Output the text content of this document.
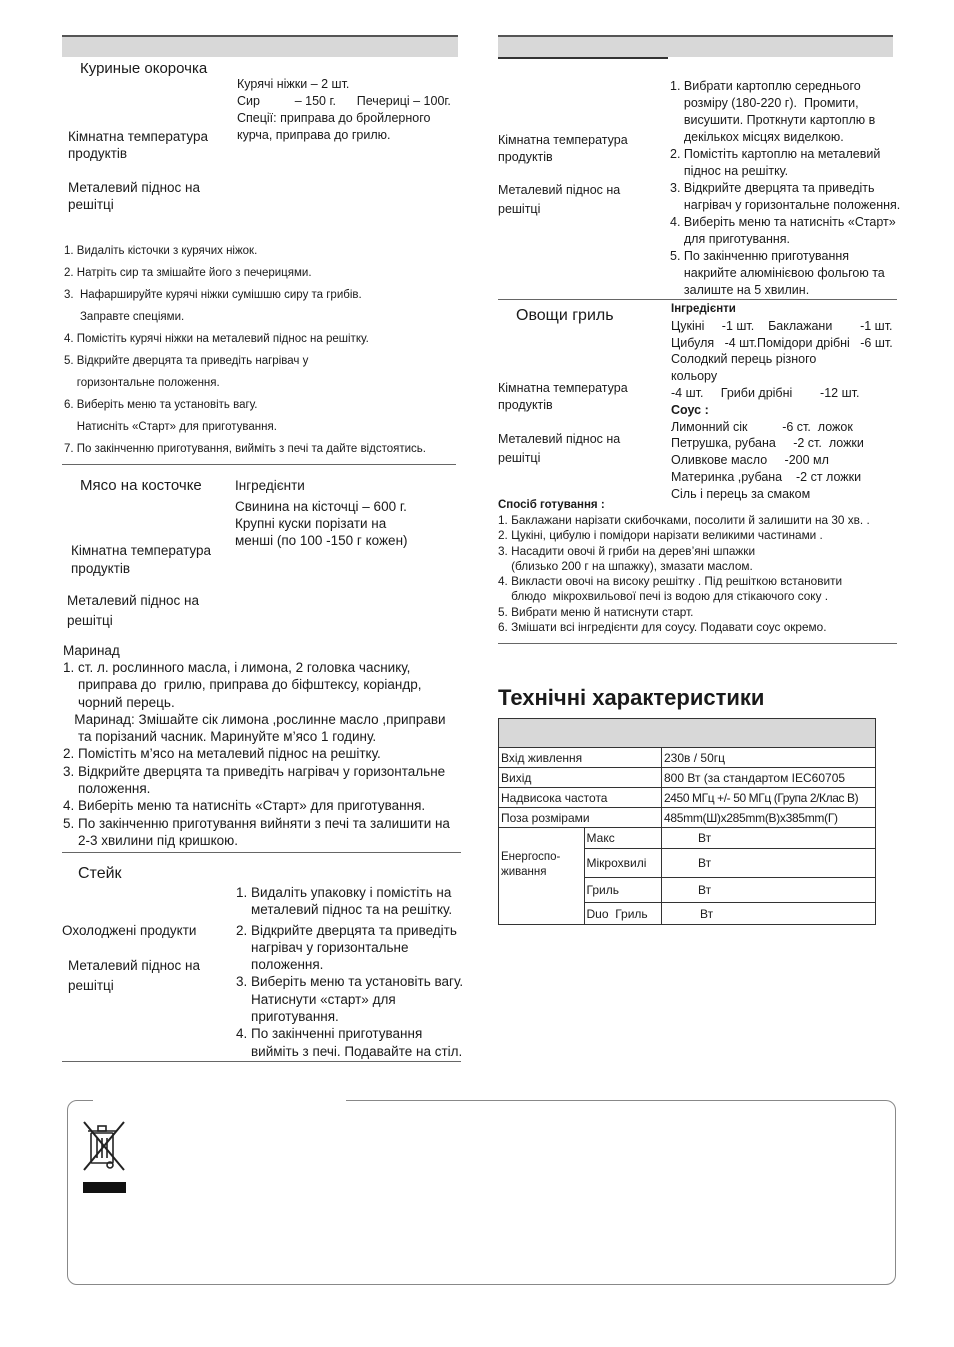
Куриные окорочка
Курячі ніжки – 2 шт.
Сир          – 150 г.      Печериці – 100г.
Спеції: приправа до бройлерного
курча, приправа до грилю.
Кімнатна температура
продуктів
Металевий піднос на
решітці
1. Видаліть кісточки з курячих ніжок.
2. Натріть сир та змішайте його з печерицями.
3.  Нафаршируйте курячі ніжки сумішшю сиру та грибів.
Заправте спеціями.
4. Помістіть курячі ніжки на металевий піднос на решітку.
5. Відкрийте дверцята та приведіть нагрівач у
горизонтальне положення.
6. Виберіть меню та установіть вагу.
Натисніть «Старт» для приготування.
7. По закінченню приготування, вийміть з печі та дайте відстоятись.
Мясо на косточке Інгредієнти
Свинина на кісточці – 600 г.
Крупні куски порізати на
менші (по 100 -150 г кожен)
Кімнатна температура
продуктів
Металевий піднос на
решітці
Маринад
1. ст. л. рослинного масла, і лимона, 2 головка часнику,
приправа до  грилю, приправа до біфштексу, коріандр,
чорний перець.
Маринад: Змішайте сік лимона ,рослинне масло ,приправи
та порізаний часник. Маринуйте м’ясо 1 годину.
2. Помістіть м’ясо на металевий піднос на решітку.
3. Відкрийте дверцята та приведіть нагрівач у горизонтальне
положення.
4. Виберіть меню та натисніть «Старт» для приготування.
5. По закінченню приготування вийняти з печі та залишити на
2-3 хвилини під кришкою.
Стейк
Охолоджені продукти
Металевий піднос на
решітці
1. Видаліть упаковку і помістіть на
металевий піднос та на решітку.
2. Відкрийте дверцята та приведіть
нагрівач у горизонтальне
положення.
3. Виберіть меню та установіть вагу.
Натиснути «старт» для
приготування.
4. По закінченні приготування
вийміть з печі. Подавайте на стіл.
1. Вибрати картоплю середнього
розміру (180-220 г).  Промити,
висушити. Проткнути картоплю в
декількох місцях виделкою.
2. Помістіть картоплю на металевий
піднос на решітку.
3. Відкрийте дверцята та приведіть
нагрівач у горизонтальне положення.
4. Виберіть меню та натисніть «Старт»
для приготування.
5. По закінченню приготування
накрийте алюмінієвою фольгою та
залиште на 5 хвилин.
Кімнатна температура
продуктів
Металевий піднос на
решітці
Овощи гриль	Інгредієнти
Цукіні     -1 шт.    Баклажани        -1 шт.
Цибуля   -4 шт.Помідори дрібні   -6 шт.
Солодкий перець різного
кольору
-4 шт.     Гриби дрібні        -12 шт.
Соус :
Лимонний сік          -6 ст.  ложок
Петрушка, рубана     -2 ст.  ложки
Оливкове масло     -200 мл
Материнка ,рубана    -2 ст ложки
Сіль і перець за смаком
Кімнатна температура
продуктів
Металевий піднос на
решітці
Спосіб готування :
1. Баклажани нарізати скибочками, посолити й залишити на 30 хв. .
2. Цукіні, цибулю і помідори нарізати великими частинами .
3. Насадити овочі й гриби на дерев’яні шпажки
(близько 200 г на шпажку), змазати маслом.
4. Викласти овочі на високу решітку . Під решіткою встановити
блюдо  мікрохвильової печі із водою для стікаючого соку .
5. Вибрати меню й натиснути старт.
6. Змішати всі інгредієнти для соусу. Подавати соус окремо.
Технічні характеристики
Вхід живлення		230в / 50гц
Вихід		800 Вт (за стандартом IEC60705
Надвисока частота		2450 МГц +/- 50 МГц (Група 2/Клас В)
Поза розмірами		485mm(Ш)x285mm(В)x385mm(Г)

Енергоспо-
живання	Макс	Вт
	Мікрохвилі	Вт
	Гриль	Вт
	Duo  Гриль	Вт
